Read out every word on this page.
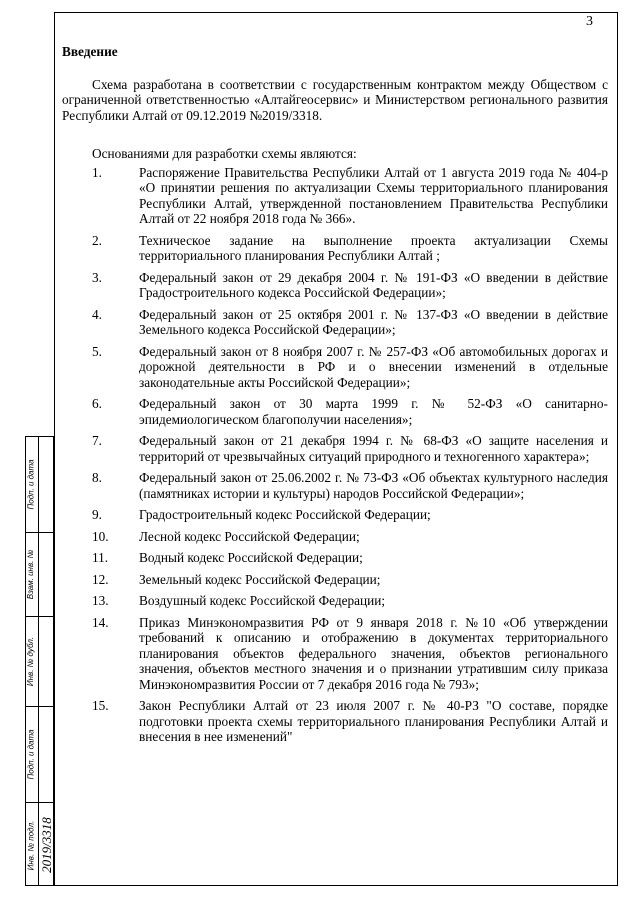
3
Подп. и дата
Взам. инв. №
Инв. № дубл.
Подп. и дата
Инв. № подл. 2019/3318

Введение

Схема разработана в соответствии с государственным контрактом между Обществом с ограниченной ответственностью «Алтайгеосервис» и Министерством регионального развития Республики Алтай от 09.12.2019 №2019/3318.

Основаниями для разработки схемы являются:

1.	Распоряжение Правительства Республики Алтай от 1 августа 2019 года № 404-р «О принятии решения по актуализации Схемы территориального планирования Республики Алтай, утвержденной постановлением Правительства Республики Алтай от 22 ноября 2018 года № 366».
2.	Техническое задание на выполнение проекта актуализации Схемы территориального планирования Республики Алтай ;
3.	Федеральный закон от 29 декабря 2004 г. № 191-ФЗ «О введении в действие Градостроительного кодекса Российской Федерации»;
4.	Федеральный закон от 25 октября 2001 г. № 137-ФЗ «О введении в действие Земельного кодекса Российской Федерации»;
5.	Федеральный закон от 8 ноября 2007 г. № 257-ФЗ «Об автомобильных дорогах и дорожной деятельности в РФ и о внесении изменений в отдельные законодательные акты Российской Федерации»;
6.	Федеральный закон от 30 марта 1999 г. № 52-ФЗ «О санитарно-эпидемиологическом благополучии населения»;
7.	Федеральный закон от 21 декабря 1994 г. № 68-ФЗ «О защите населения и территорий от чрезвычайных ситуаций природного и техногенного характера»;
8.	Федеральный закон от 25.06.2002 г. № 73-ФЗ «Об объектах культурного наследия (памятниках истории и культуры) народов Российской Федерации»;
9.	Градостроительный кодекс Российской Федерации;
10. Лесной кодекс Российской Федерации;
11. Водный кодекс Российской Федерации;
12. Земельный кодекс Российской Федерации;
13. Воздушный кодекс Российской Федерации;
14. Приказ Минэкономразвития РФ от 9 января 2018 г. №10 «Об утверждении требований к описанию и отображению в документах территориального планирования объектов федерального значения, объектов регионального значения, объектов местного значения и о признании утратившим силу приказа Минэкономразвития России от 7 декабря 2016 года № 793»;
15. Закон Республики Алтай от 23 июля 2007 г. № 40-РЗ "О составе, порядке подготовки проекта схемы территориального планирования Республики Алтай и внесения в нее изменений"
